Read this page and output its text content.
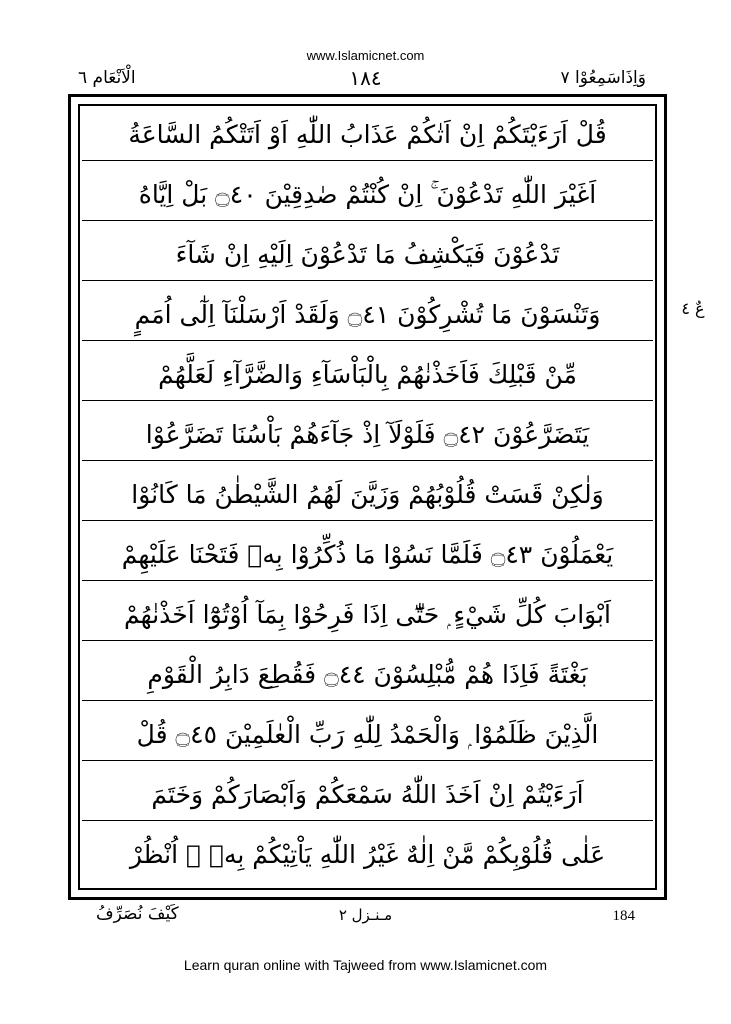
www.Islamicnet.com
الْاَنْعَام ٦	١٨٤	وَاِذَاسَمِعُوْا ٧
قُلْ اَرَءَيْتَكُمْ اِنْ اَتٰكُمْ عَذَابُ اللّٰهِ اَوْ اَتَتْكُمُ السَّاعَةُ
اَغَيْرَ اللّٰهِ تَدْعُوْنَ ۚ اِنْ كُنْتُمْ صٰدِقِيْنَ ۝٤٠ بَلْ اِيَّاهُ
تَدْعُوْنَ فَيَكْشِفُ مَا تَدْعُوْنَ اِلَيْهِ اِنْ شَآءَ
وَتَنْسَوْنَ مَا تُشْرِكُوْنَ ۝٤١ وَلَقَدْ اَرْسَلْنَآ اِلٰٓى اُمَمٍ
مِّنْ قَبْلِكَ فَاَخَذْنٰهُمْ بِالْبَاْسَآءِ وَالضَّرَّآءِ لَعَلَّهُمْ
يَتَضَرَّعُوْنَ ۝٤٢ فَلَوْلَآ اِذْ جَآءَهُمْ بَاْسُنَا تَضَرَّعُوْا
وَلٰكِنْ قَسَتْ قُلُوْبُهُمْ وَزَيَّنَ لَهُمُ الشَّيْطٰنُ مَا كَانُوْا
يَعْمَلُوْنَ ۝٤٣ فَلَمَّا نَسُوْا مَا ذُكِّرُوْا بِهٖ فَتَحْنَا عَلَيْهِمْ
اَبْوَابَ كُلِّ شَيْءٍ ۭ حَتّٰٓى اِذَا فَرِحُوْا بِمَآ اُوْتُوْٓا اَخَذْنٰهُمْ
بَغْتَةً فَاِذَا هُمْ مُّبْلِسُوْنَ ۝٤٤ فَقُطِعَ دَابِرُ الْقَوْمِ
الَّذِيْنَ ظَلَمُوْا ۭ وَالْحَمْدُ لِلّٰهِ رَبِّ الْعٰلَمِيْنَ ۝٤٥ قُلْ
اَرَءَيْتُمْ اِنْ اَخَذَ اللّٰهُ سَمْعَكُمْ وَاَبْصَارَكُمْ وَخَتَمَ
عَلٰى قُلُوْبِكُمْ مَّنْ اِلٰهٌ غَيْرُ اللّٰهِ يَاْتِيْكُمْ بِهٖ ۭ اُنْظُرْ
عٌ ٤
كَيْفَ نُصَرِّفُ	مـنـزل ٢	184
Learn quran online with Tajweed from www.Islamicnet.com
